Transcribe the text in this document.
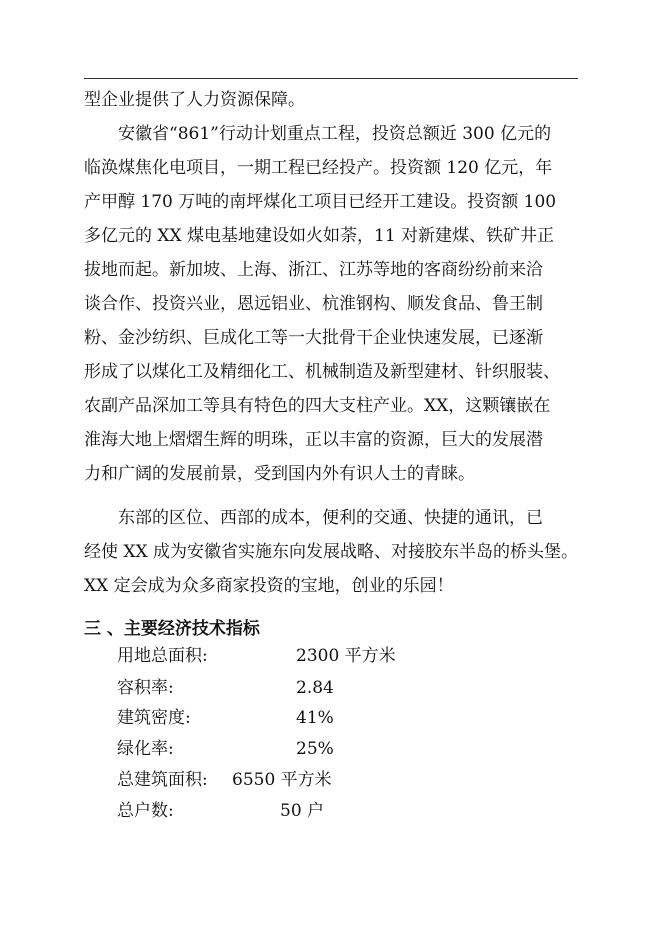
型企业提供了人力资源保障。
安徽省“861”行动计划重点工程，投资总额近 300 亿元的
临涣煤焦化电项目，一期工程已经投产。投资额 120 亿元，年
产甲醇 170 万吨的南坪煤化工项目已经开工建设。投资额 100
多亿元的 XX 煤电基地建设如火如荼，11 对新建煤、铁矿井正
拔地而起。新加坡、上海、浙江、江苏等地的客商纷纷前来洽
谈合作、投资兴业，恩远铝业、杭淮钢构、顺发食品、鲁王制
粉、金沙纺织、巨成化工等一大批骨干企业快速发展，已逐渐
形成了以煤化工及精细化工、机械制造及新型建材、针织服装、
农副产品深加工等具有特色的四大支柱产业。XX，这颗镶嵌在
淮海大地上熠熠生辉的明珠，正以丰富的资源，巨大的发展潜
力和广阔的发展前景，受到国内外有识人士的青睐。
东部的区位、西部的成本，便利的交通、快捷的通讯，已
经使 XX 成为安徽省实施东向发展战略、对接胶东半岛的桥头堡。
XX 定会成为众多商家投资的宝地，创业的乐园！
三 、主要经济技术指标
用地总面积:	2300 平方米
容积率:	2.84
建筑密度:	41%
绿化率:	25%
总建筑面积: 6550 平方米
总户数:	50 户
